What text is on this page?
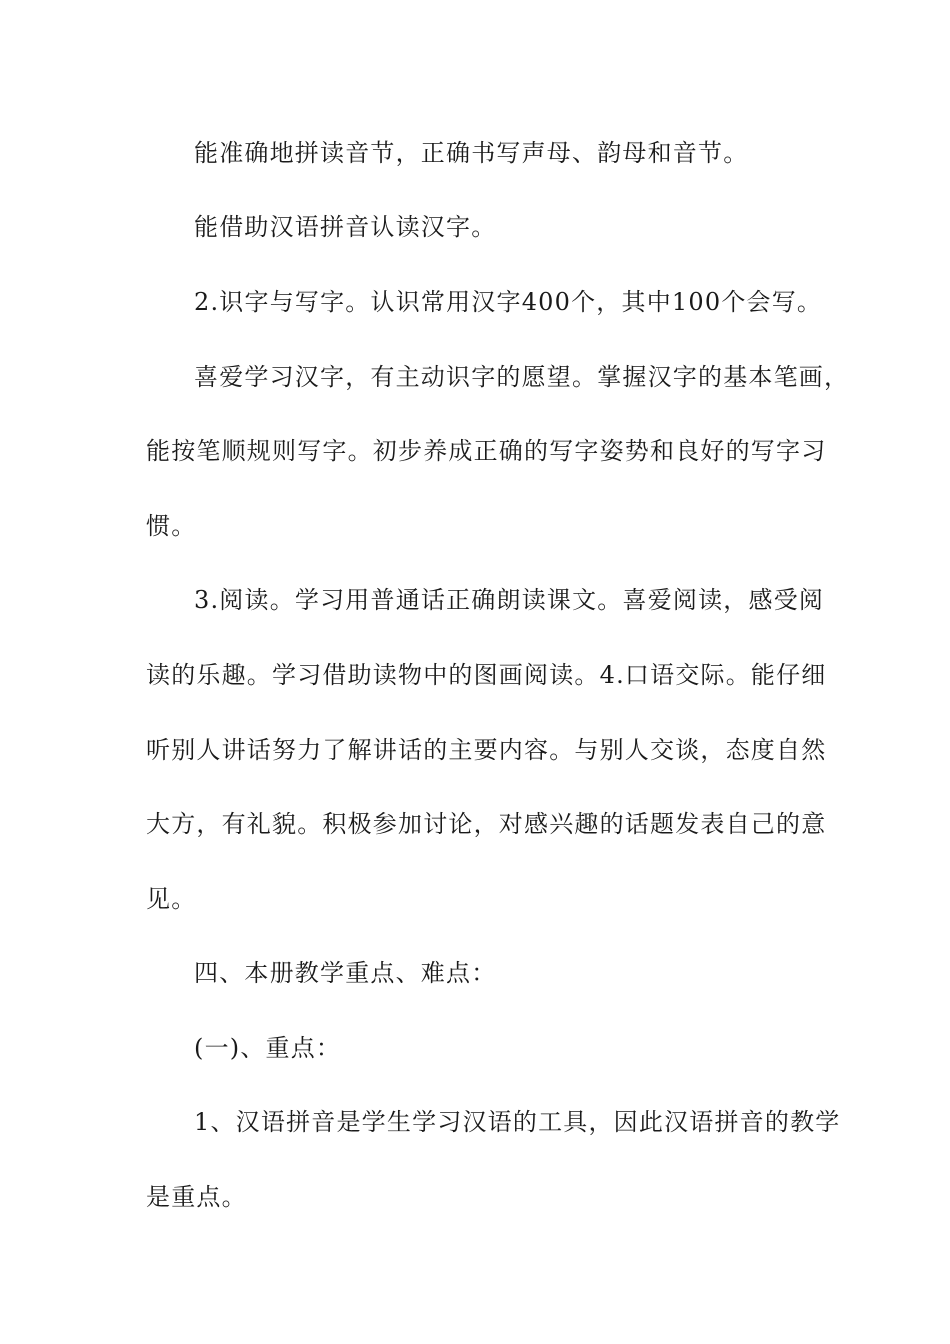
能准确地拼读音节，正确书写声母、韵母和音节。
能借助汉语拼音认读汉字。
2.识字与写字。认识常用汉字400个，其中100个会写。
喜爱学习汉字，有主动识字的愿望。掌握汉字的基本笔画，
能按笔顺规则写字。初步养成正确的写字姿势和良好的写字习
惯。
3.阅读。学习用普通话正确朗读课文。喜爱阅读，感受阅
读的乐趣。学习借助读物中的图画阅读。4.口语交际。能仔细
听别人讲话努力了解讲话的主要内容。与别人交谈，态度自然
大方，有礼貌。积极参加讨论，对感兴趣的话题发表自己的意
见。
四、本册教学重点、难点：
(一)、重点：
1、汉语拼音是学生学习汉语的工具，因此汉语拼音的教学
是重点。
